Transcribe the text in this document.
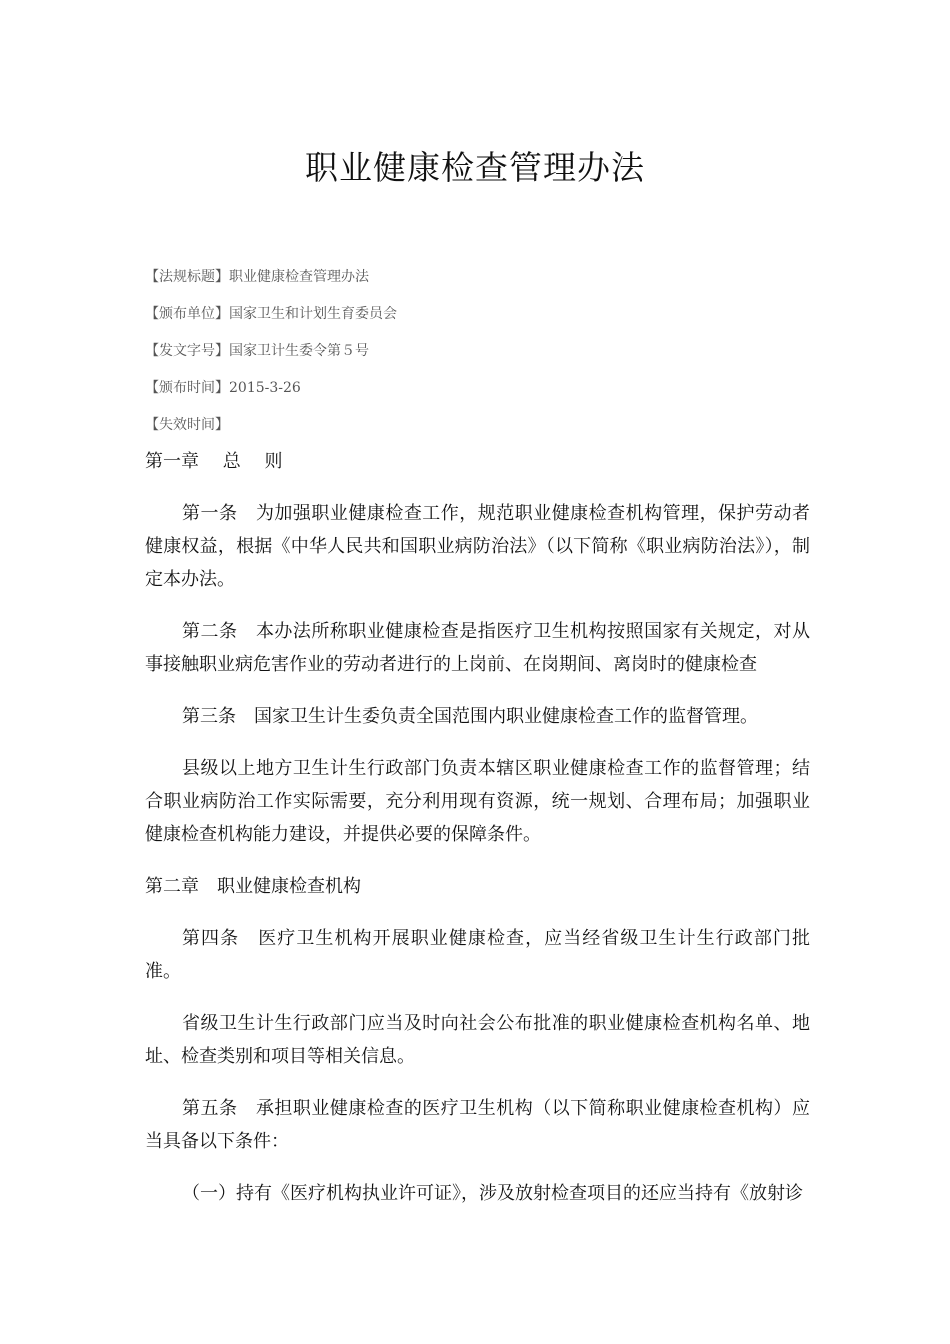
职业健康检查管理办法
【法规标题】职业健康检查管理办法
【颁布单位】国家卫生和计划生育委员会
【发文字号】国家卫计生委令第５号
【颁布时间】2015-3-26
【失效时间】

第一章　 总　 则

第一条　为加强职业健康检查工作，规范职业健康检查机构管理，保护劳动者健康权益，根据《中华人民共和国职业病防治法》（以下简称《职业病防治法》），制定本办法。

第二条　本办法所称职业健康检查是指医疗卫生机构按照国家有关规定，对从事接触职业病危害作业的劳动者进行的上岗前、在岗期间、离岗时的健康检查

第三条　国家卫生计生委负责全国范围内职业健康检查工作的监督管理。

县级以上地方卫生计生行政部门负责本辖区职业健康检查工作的监督管理；结合职业病防治工作实际需要，充分利用现有资源，统一规划、合理布局；加强职业健康检查机构能力建设，并提供必要的保障条件。

第二章　职业健康检查机构

第四条　医疗卫生机构开展职业健康检查，应当经省级卫生计生行政部门批准。

省级卫生计生行政部门应当及时向社会公布批准的职业健康检查机构名单、地址、检查类别和项目等相关信息。

第五条　承担职业健康检查的医疗卫生机构（以下简称职业健康检查机构）应当具备以下条件：

（一）持有《医疗机构执业许可证》，涉及放射检查项目的还应当持有《放射诊
